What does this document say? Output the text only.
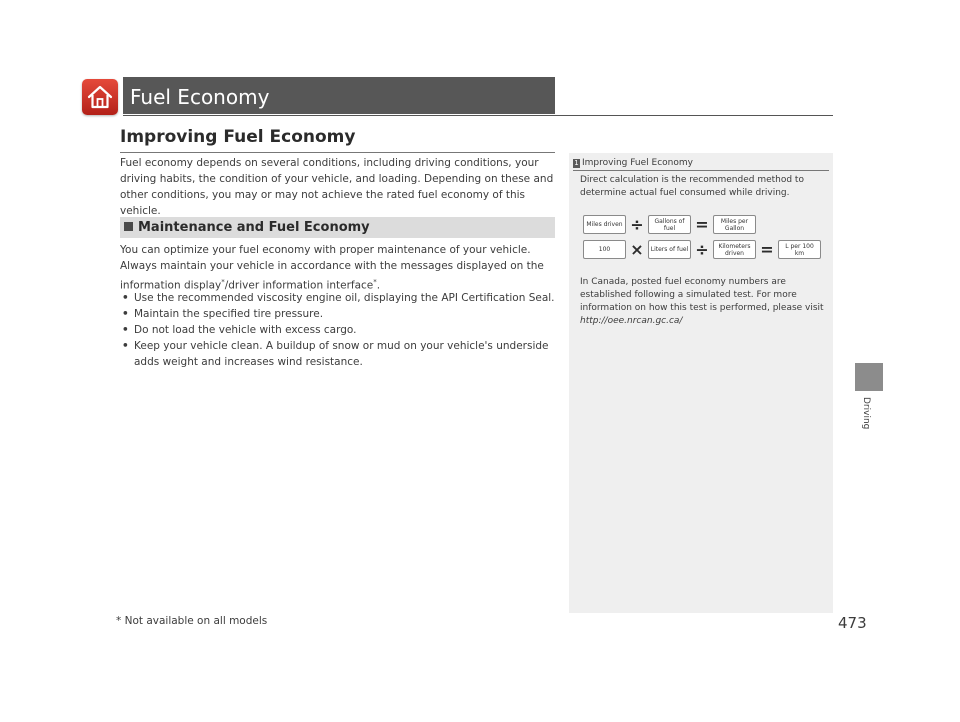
Fuel Economy
Improving Fuel Economy
Fuel economy depends on several conditions, including driving conditions, your driving habits, the condition of your vehicle, and loading. Depending on these and other conditions, you may or may not achieve the rated fuel economy of this vehicle.
Maintenance and Fuel Economy
You can optimize your fuel economy with proper maintenance of your vehicle. Always maintain your vehicle in accordance with the messages displayed on the information display*/driver information interface*.
• Use the recommended viscosity engine oil, displaying the API Certification Seal.
• Maintain the specified tire pressure.
• Do not load the vehicle with excess cargo.
• Keep your vehicle clean. A buildup of snow or mud on your vehicle's underside adds weight and increases wind resistance.
1 Improving Fuel Economy
Direct calculation is the recommended method to determine actual fuel consumed while driving.
Miles driven ÷	Gallons of fuel	=	Miles per Gallon
100	×	Liters of fuel ÷	Kilometers driven	=	L per 100 km
In Canada, posted fuel economy numbers are established following a simulated test. For more information on how this test is performed, please visit http://oee.nrcan.gc.ca/
Driving
* Not available on all models	473
